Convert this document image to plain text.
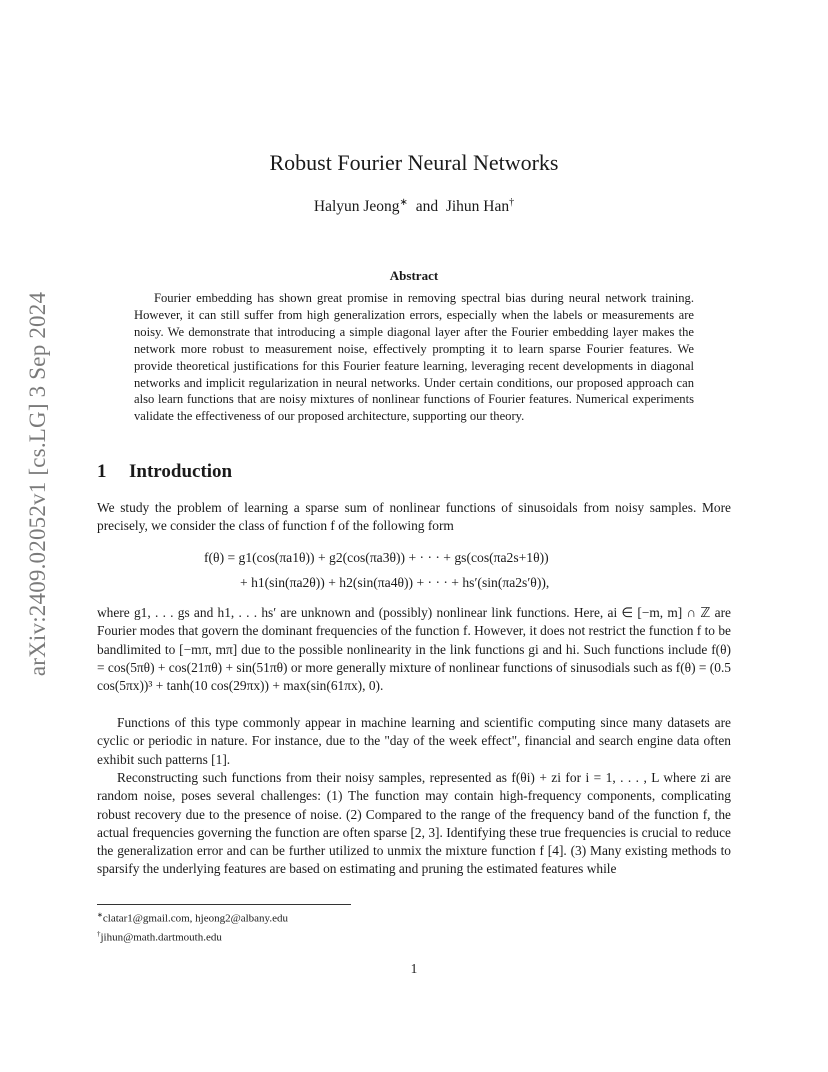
arXiv:2409.02052v1 [cs.LG] 3 Sep 2024
Robust Fourier Neural Networks
Halyun Jeong∗ and Jihun Han†
Abstract

Fourier embedding has shown great promise in removing spectral bias during neural network training. However, it can still suffer from high generalization errors, especially when the labels or measurements are noisy. We demonstrate that introducing a simple diagonal layer after the Fourier embedding layer makes the network more robust to measurement noise, effectively prompting it to learn sparse Fourier features. We provide theoretical justifications for this Fourier feature learning, leveraging recent developments in diagonal networks and implicit regularization in neural networks. Under certain conditions, our proposed approach can also learn functions that are noisy mixtures of nonlinear functions of Fourier features. Numerical experiments validate the effectiveness of our proposed architecture, supporting our theory.

1 Introduction

We study the problem of learning a sparse sum of nonlinear functions of sinusoidals from noisy samples. More precisely, we consider the class of function f of the following form

f(θ) = g1(cos(πa1θ)) + g2(cos(πa3θ)) + · · · + gs(cos(πa2s+1θ))
+ h1(sin(πa2θ)) + h2(sin(πa4θ)) + · · · + hs′(sin(πa2s′θ)),

where g1, . . . gs and h1, . . . hs′ are unknown and (possibly) nonlinear link functions. Here, ai ∈ [−m, m] ∩ ℤ are Fourier modes that govern the dominant frequencies of the function f. However, it does not restrict the function f to be bandlimited to [−mπ, mπ] due to the possible nonlinearity in the link functions gi and hi. Such functions include f(θ) = cos(5πθ) + cos(21πθ) + sin(51πθ) or more generally mixture of nonlinear functions of sinusodials such as f(θ) = (0.5 cos(5πx))³ + tanh(10 cos(29πx)) + max(sin(61πx), 0).

Functions of this type commonly appear in machine learning and scientific computing since many datasets are cyclic or periodic in nature. For instance, due to the "day of the week effect", financial and search engine data often exhibit such patterns [1].

Reconstructing such functions from their noisy samples, represented as f(θi) + zi for i = 1, . . . , L where zi are random noise, poses several challenges: (1) The function may contain high-frequency components, complicating robust recovery due to the presence of noise. (2) Compared to the range of the frequency band of the function f, the actual frequencies governing the function are often sparse [2, 3]. Identifying these true frequencies is crucial to reduce the generalization error and can be further utilized to unmix the mixture function f [4]. (3) Many existing methods to sparsify the underlying features are based on estimating and pruning the estimated features while

∗clatar1@gmail.com, hjeong2@albany.edu

†jihun@math.dartmouth.edu

1
